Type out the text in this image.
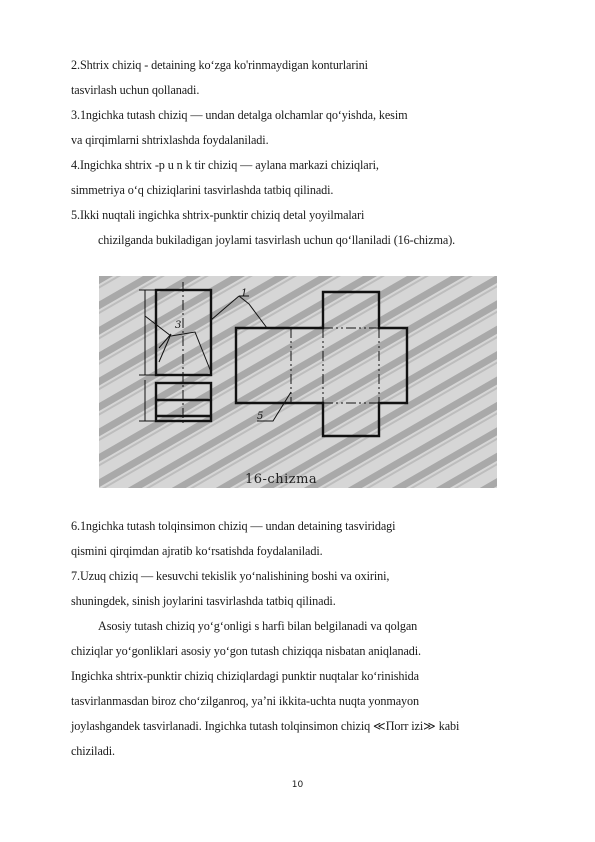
2.Shtrix chiziq - detaining ko‘zga ko'rinmaydigan konturlarini
tasvirlash uchun qollanadi.
3.1ngichka tutash chiziq — undan detalga olchamlar qo‘yishda, kesim
va qirqimlarni shtrixlashda foydalaniladi.
4.Ingichka shtrix -p u n k tir chiziq — aylana markazi chiziqlari,
simmetriya o‘q chiziqlarini tasvirlashda tatbiq qilinadi.
5.Ikki nuqtali ingichka shtrix-punktir chiziq detal yoyilmalari
chizilganda bukiladigan joylami tasvirlash uchun qo‘llaniladi (16-chizma).
1
3
5
16-chizma
6.1ngichka tutash tolqinsimon chiziq — undan detaining tasviridagi
qismini qirqimdan ajratib ko‘rsatishda foydalaniladi.
7.Uzuq chiziq — kesuvchi tekislik yo‘nalishining boshi va oxirini,
shuningdek, sinish joylarini tasvirlashda tatbiq qilinadi.
Asosiy tutash chiziq yo‘g‘onligi s harfi bilan belgilanadi va qolgan
chiziqlar yo‘gonliklari asosiy yo‘gon tutash chiziqqa nisbatan aniqlanadi.
Ingichka shtrix-punktir chiziq chiziqlardagi punktir nuqtalar ko‘rinishida
tasvirlanmasdan biroz cho‘zilganroq, ya’ni ikkita-uchta nuqta yonmayon
joylashgandek tasvirlanadi. Ingichka tutash tolqinsimon chiziq ≪Пorr izi≫ kabi
chiziladi.
10
